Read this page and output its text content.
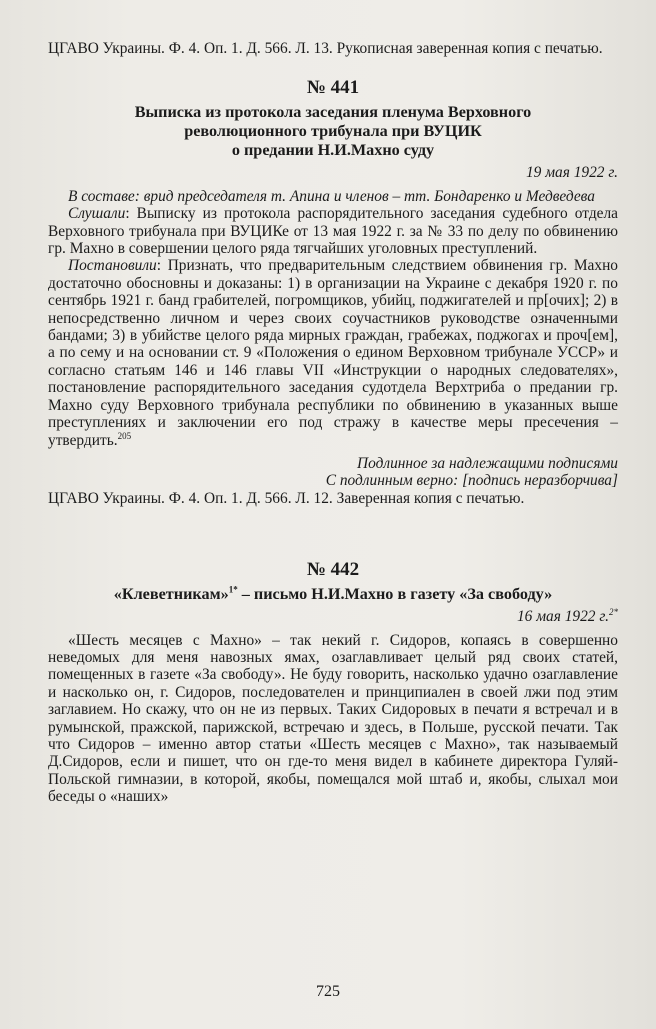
ЦГАВО Украины. Ф. 4. Оп. 1. Д. 566. Л. 13. Рукописная заверенная копия с печатью.

№ 441
Выписка из протокола заседания пленума Верховного
революционного трибунала при ВУЦИК
о предании Н.И.Махно суду
19 мая 1922 г.

В составе: врид председателя т. Апина и членов – тт. Бондаренко и Медведева

Слушали: Выписку из протокола распорядительного заседания судебного отдела Верховного трибунала при ВУЦИКе от 13 мая 1922 г. за № 33 по делу по обвинению гр. Махно в совершении целого ряда тягчайших уголовных преступлений.

Постановили: Признать, что предварительным следствием обвинения гр. Махно достаточно обосновны и доказаны: 1) в организации на Украине с декабря 1920 г. по сентябрь 1921 г. банд грабителей, погромщиков, убийц, поджигателей и пр[очих]; 2) в непосредственно личном и через своих соучастников руководстве означенными бандами; 3) в убийстве целого ряда мирных граждан, грабежах, поджогах и проч[ем], а по сему и на основании ст. 9 «Положения о едином Верховном трибунале УССР» и согласно статьям 146 и 146 главы VII «Инструкции о народных следователях», постановление распорядительного заседания судотдела Верхтриба о предании гр. Махно суду Верховного трибунала республики по обвинению в указанных выше преступлениях и заключении его под стражу в качестве меры пресечения – утвердить.$^{205}$

Подлинное за надлежащими подписями
С подлинным верно: [подпись неразборчива]

ЦГАВО Украины. Ф. 4. Оп. 1. Д. 566. Л. 12. Заверенная копия с печатью.

№ 442
«Клеветникам»$^{1*}$ – письмо Н.И.Махно в газету «За свободу»
16 мая 1922 г.$^{2*}$

«Шесть месяцев с Махно» – так некий г. Сидоров, копаясь в совершенно неведомых для меня навозных ямах, озаглавливает целый ряд своих статей, помещенных в газете «За свободу». Не буду говорить, насколько удачно озаглавление и насколько он, г. Сидоров, последователен и принципиален в своей лжи под этим заглавием. Но скажу, что он не из первых. Таких Сидоровых в печати я встречал и в румынской, пражской, парижской, встречаю и здесь, в Польше, русской печати. Так что Сидоров – именно автор статьи «Шесть месяцев с Махно», так называемый Д.Сидоров, если и пишет, что он где-то меня видел в кабинете директора Гуляй-Польской гимназии, в которой, якобы, помещался мой штаб и, якобы, слыхал мои беседы о «наших»

725
